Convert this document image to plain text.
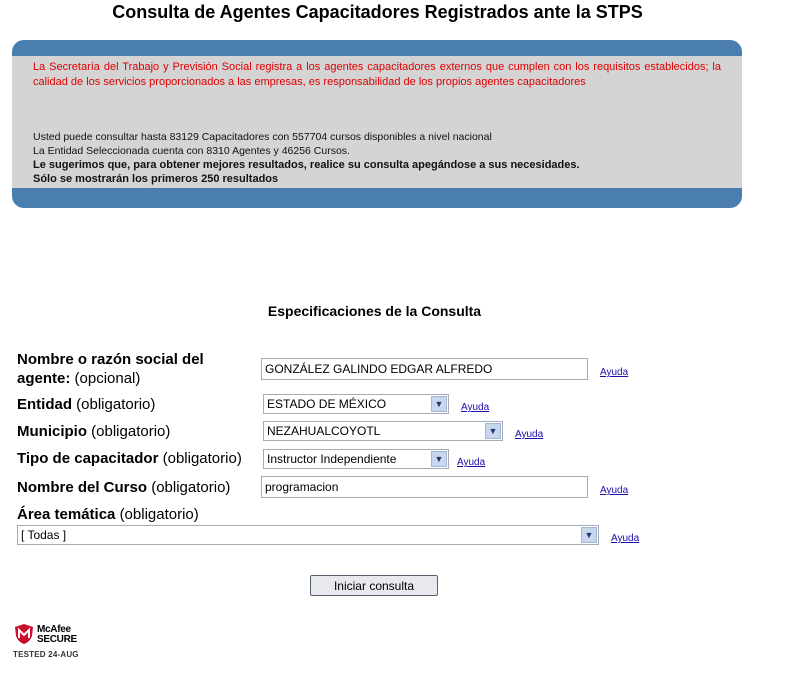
Consulta de Agentes Capacitadores Registrados ante la STPS
La Secretaría del Trabajo y Previsión Social registra a los agentes capacitadores externos que cumplen con los requisitos establecidos; la calidad de los servicios proporcionados a las empresas, es responsabilidad de los propios agentes capacitadores
Usted puede consultar hasta 83129 Capacitadores con 557704 cursos disponibles a nivel nacional
La Entidad Seleccionada cuenta con 8310 Agentes y 46256 Cursos.
Le sugerimos que, para obtener mejores resultados, realice su consulta apegándose a sus necesidades.
Sólo se mostrarán los primeros 250 resultados
Especificaciones de la Consulta
Nombre o razón social del
agente: (opcional)
GONZÁLEZ GALINDO EDGAR ALFREDO	Ayuda
Entidad (obligatorio)	ESTADO DE MÉXICO	▼	Ayuda
Municipio (obligatorio)	NEZAHUALCOYOTL	▼	Ayuda
Tipo de capacitador (obligatorio)	Instructor Independiente	▼	Ayuda
Nombre del Curso (obligatorio)	programacion	Ayuda
Área temática (obligatorio)
[ Todas ]	▼	Ayuda
Iniciar consulta
McAfee
SECURE
TESTED 24-AUG
